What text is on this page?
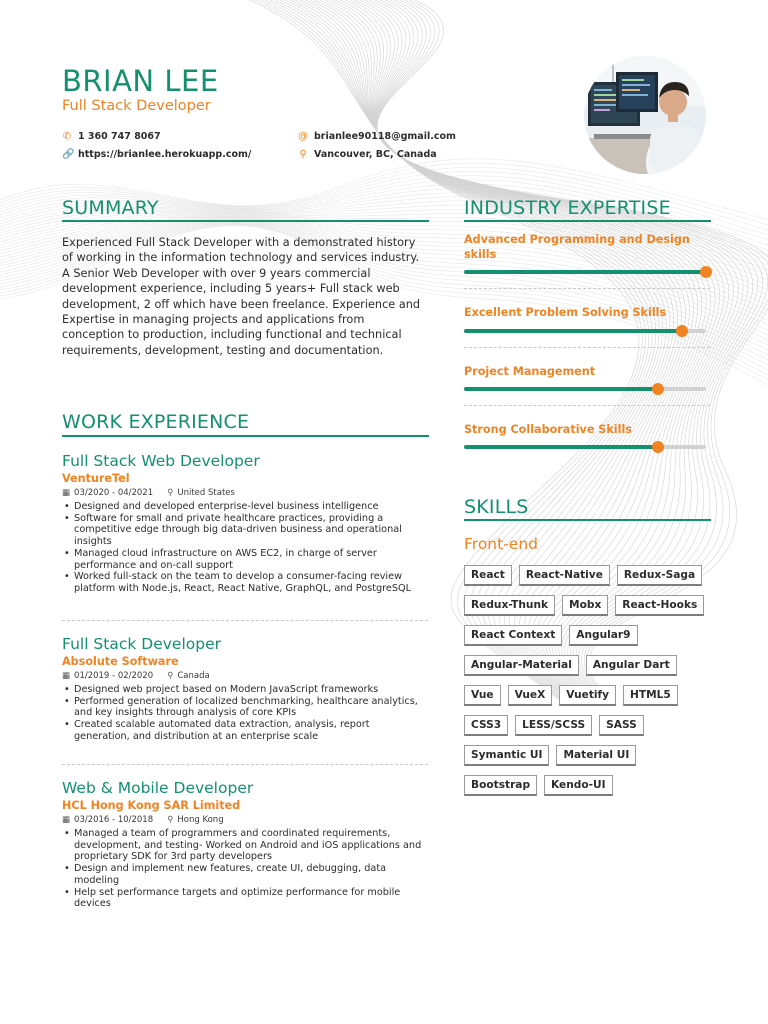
BRIAN LEE
Full Stack Developer
✆ 1 360 747 8067
🔗 https://brianlee.herokuapp.com/
@ brianlee90118@gmail.com
⚲ Vancouver, BC, Canada
SUMMARY
Experienced Full Stack Developer with a demonstrated history of working in the information technology and services industry. A Senior Web Developer with over 9 years commercial development experience, including 5 years+ Full stack web development, 2 off which have been freelance. Experience and Expertise in managing projects and applications from conception to production, including functional and technical requirements, development, testing and documentation.
WORK EXPERIENCE
Full Stack Web Developer
VentureTel
▦ 03/2020 - 04/2021 ⚲ United States
• Designed and developed enterprise-level business intelligence
• Software for small and private healthcare practices, providing a competitive edge through big data-driven business and operational insights
• Managed cloud infrastructure on AWS EC2, in charge of server performance and on-call support
• Worked full-stack on the team to develop a consumer-facing review platform with Node.js, React, React Native, GraphQL, and PostgreSQL
Full Stack Developer
Absolute Software
▦ 01/2019 - 02/2020 ⚲ Canada
• Designed web project based on Modern JavaScript frameworks
• Performed generation of localized benchmarking, healthcare analytics, and key insights through analysis of core KPIs
• Created scalable automated data extraction, analysis, report generation, and distribution at an enterprise scale
Web & Mobile Developer
HCL Hong Kong SAR Limited
▦ 03/2016 - 10/2018 ⚲ Hong Kong
• Managed a team of programmers and coordinated requirements, development, and testing- Worked on Android and iOS applications and proprietary SDK for 3rd party developers
• Design and implement new features, create UI, debugging, data modeling
• Help set performance targets and optimize performance for mobile devices
INDUSTRY EXPERTISE
Advanced Programming and Design skills
Excellent Problem Solving Skills
Project Management
Strong Collaborative Skills
SKILLS
Front-end
React	React-Native	Redux-Saga
Redux-Thunk	Mobx	React-Hooks
React Context	Angular9
Angular-Material	Angular Dart
Vue	VueX	Vuetify	HTML5
CSS3	LESS/SCSS	SASS
Symantic UI	Material UI
Bootstrap	Kendo-UI
